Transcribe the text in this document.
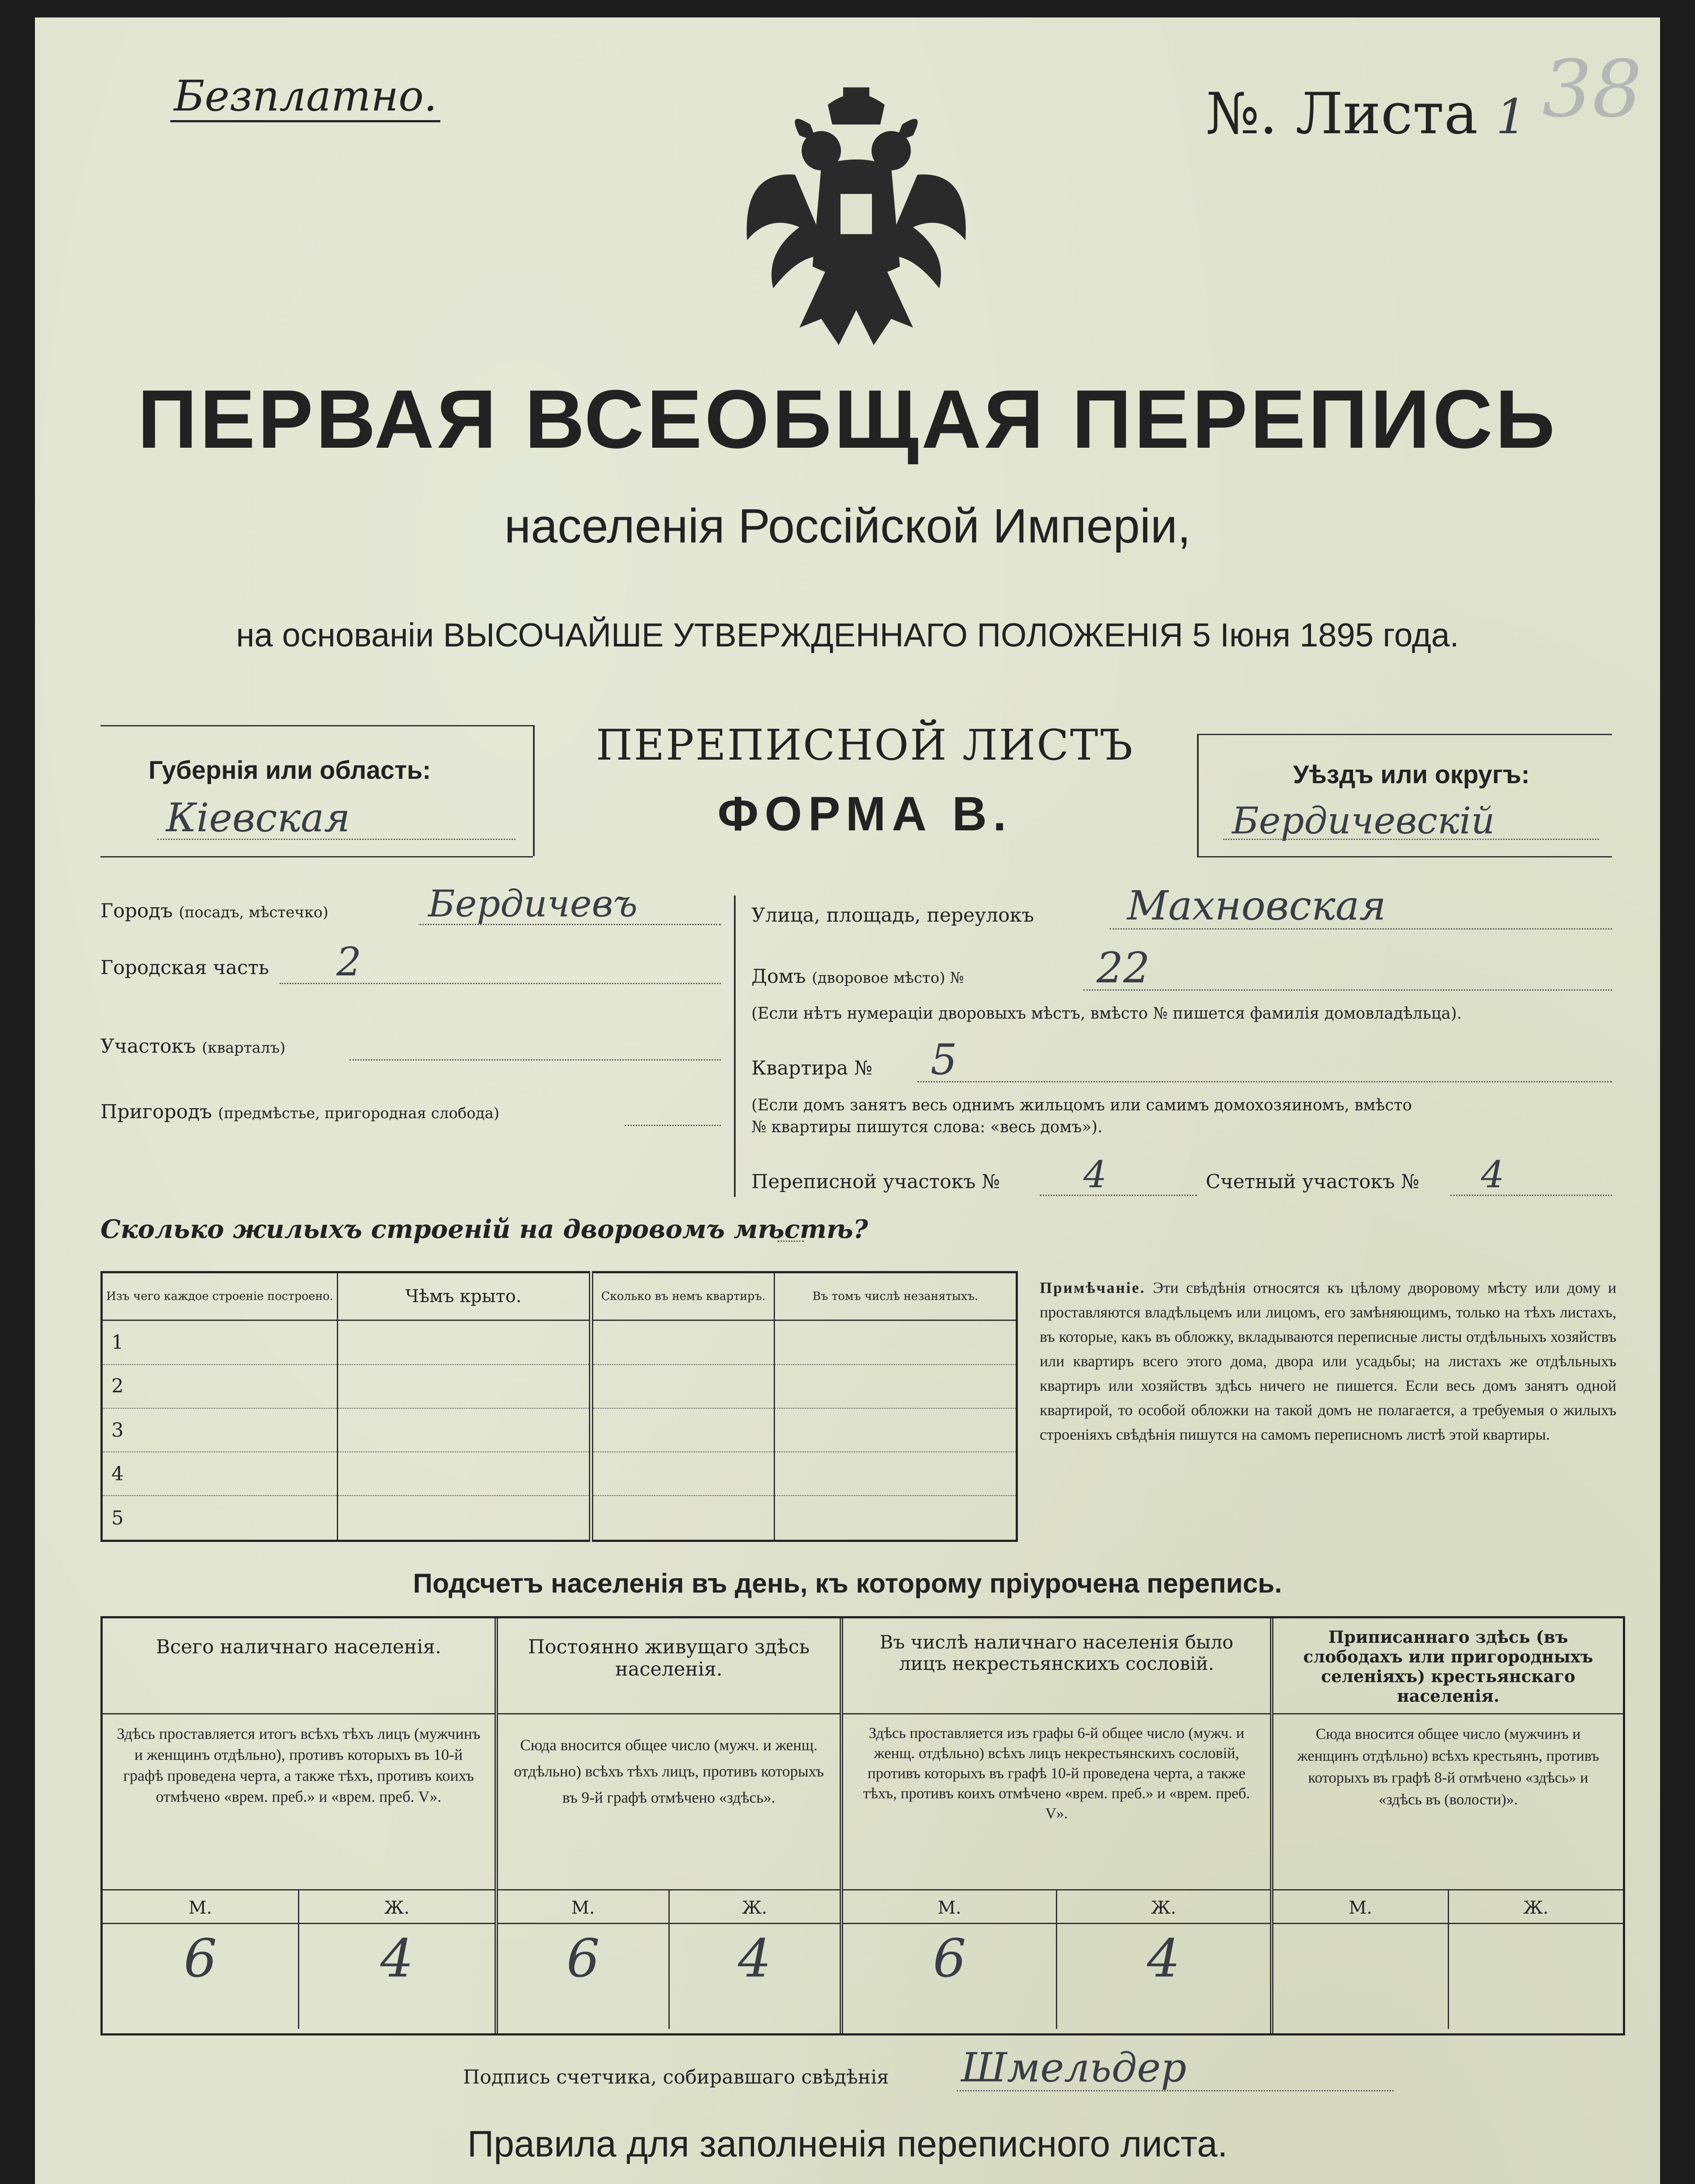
Безплатно.	№. Листа 1 38
ПЕРВАЯ ВСЕОБЩАЯ ПЕРЕПИСЬ
населенія Россійской Имперіи,
на основаніи ВЫСОЧАЙШЕ УТВЕРЖДЕННАГО ПОЛОЖЕНІЯ 5 Іюня 1895 года.
Губернія или область:
Кіевская
ПЕРЕПИСНОЙ ЛИСТЪ
ФОРМА В.
Уѣздъ или округъ:
Бердичевскій
Городъ (посадъ, мѣстечко)	Бердичевъ
Городская часть 2
Участокъ (кварталъ)
Пригородъ (предмѣстье, пригородная слобода)
Улица, площадь, переулокъ Махновская
Домъ (дворовое мѣсто) №	22
(Если нѣтъ нумераціи дворовыхъ мѣстъ, вмѣсто № пишется фамилія домовладѣльца).
Квартира № 5
(Если домъ занятъ весь однимъ жильцомъ или самимъ домохозяиномъ, вмѣсто
№ квартиры пишутся слова: «весь домъ»).
Переписной участокъ № 4	Счетный участокъ № 4
Сколько жилыхъ строеній на дворовомъ мѣстѣ?
Изъ чего каждое строеніе построено.	Чѣмъ крыто.	Сколько въ немъ квартиръ.	Въ томъ числѣ незанятыхъ.
1			
2			
3			
4			
5			
Примѣчаніе. Эти свѣдѣнія относятся къ цѣлому дворовому мѣсту или дому и проставляются владѣльцемъ или лицомъ, его замѣняющимъ, только на тѣхъ листахъ, въ которые, какъ въ обложку, вкладываются переписные листы отдѣльныхъ хозяйствъ или квартиръ всего этого дома, двора или усадьбы; на листахъ же отдѣльныхъ квартиръ или хозяйствъ здѣсь ничего не пишется. Если весь домъ занятъ одной квартирой, то особой обложки на такой домъ не полагается, а требуемыя о жилыхъ строеніяхъ свѣдѣнія пишутся на самомъ переписномъ листѣ этой квартиры.
Подсчетъ населенія въ день, къ которому пріурочена перепись.
Всего наличнаго населенія.
Здѣсь проставляется итогъ всѣхъ тѣхъ лицъ (мужчинъ и женщинъ отдѣльно), противъ которыхъ въ 10-й графѣ проведена черта, а также тѣхъ, противъ коихъ отмѣчено «врем. преб.» и «врем. преб. V».
М.	Ж.
6	4
Постоянно живущаго здѣсь населенія.
Сюда вносится общее число (мужч. и женщ. отдѣльно) всѣхъ тѣхъ лицъ, противъ которыхъ въ 9-й графѣ отмѣчено «здѣсь».
М.	Ж.
6	4
Въ числѣ наличнаго населенія было лицъ некрестьянскихъ сословій.
Здѣсь проставляется изъ графы 6-й общее число (мужч. и женщ. отдѣльно) всѣхъ лицъ некрестьянскихъ сословій, противъ которыхъ въ графѣ 10-й проведена черта, а также тѣхъ, противъ коихъ отмѣчено «врем. преб.» и «врем. преб. V».
М.	Ж.
6	4
Приписаннаго здѣсь (въ слободахъ или пригородныхъ селеніяхъ) крестьянскаго населенія.
Сюда вносится общее число (мужчинъ и женщинъ отдѣльно) всѣхъ крестьянъ, противъ которыхъ въ графѣ 8-й отмѣчено «здѣсь» и «здѣсь въ (волости)».
М.	Ж.
Подпись счетчика, собиравшаго свѣдѣнія Шмельдер
Правила для заполненія переписного листа.
